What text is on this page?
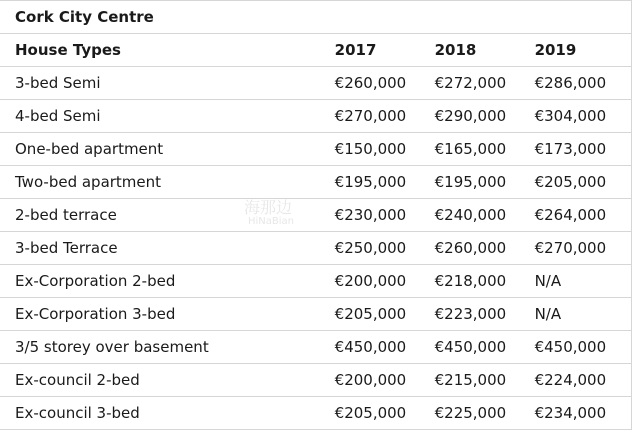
Cork City Centre			
House Types	2017	2018	2019
3-bed Semi	€260,000	€272,000	€286,000
4-bed Semi	€270,000	€290,000	€304,000
One-bed apartment	€150,000	€165,000	€173,000
Two-bed apartment	€195,000	€195,000	€205,000
2-bed terrace	€230,000	€240,000	€264,000
3-bed Terrace	€250,000	€260,000	€270,000
Ex-Corporation 2-bed	€200,000	€218,000	N/A
Ex-Corporation 3-bed	€205,000	€223,000	N/A
3/5 storey over basement	€450,000	€450,000	€450,000
Ex-council 2-bed	€200,000	€215,000	€224,000
Ex-council 3-bed	€205,000	€225,000	€234,000
海那边
HiNaBian
